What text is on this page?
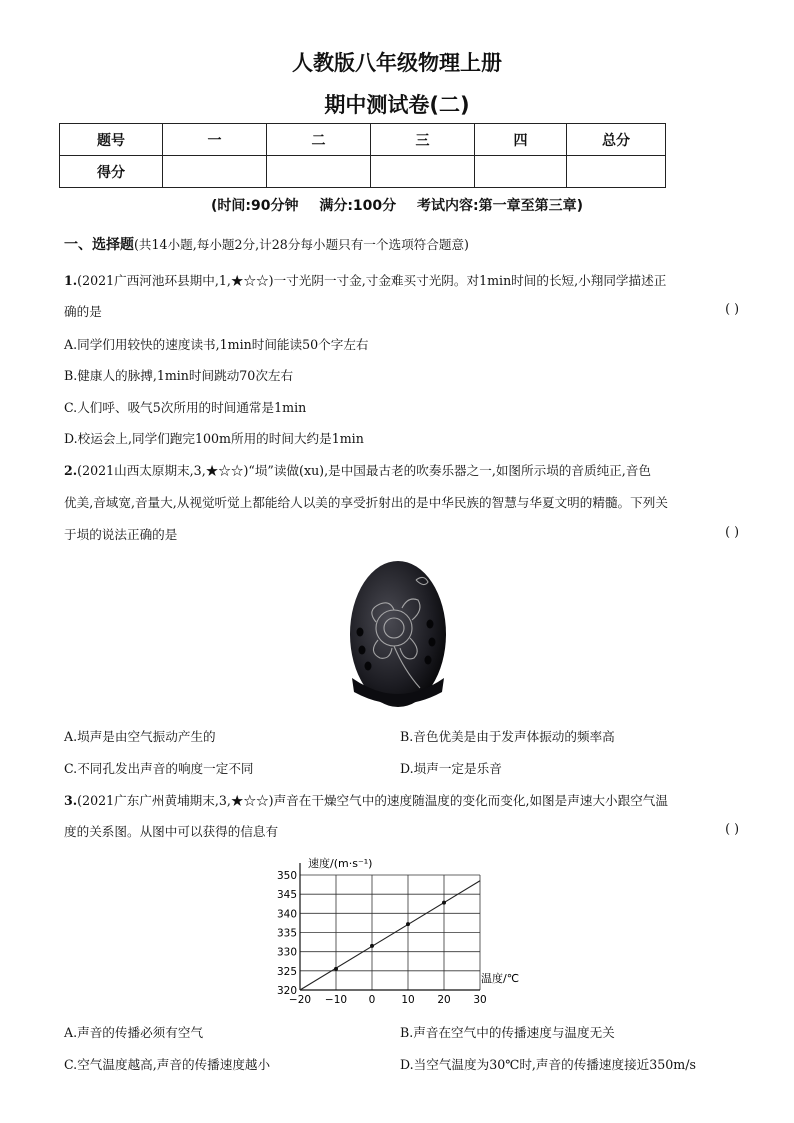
人教版八年级物理上册
期中测试卷(二)
题号	一	二	三	四	总分
得分					
(时间:90分钟 满分:100分 考试内容:第一章至第三章)
一、选择题(共14小题,每小题2分,计28分每小题只有一个选项符合题意)
1.(2021广西河池环县期中,1,★☆☆)一寸光阴一寸金,寸金难买寸光阴。对1min时间的长短,小翔同学描述正
确的是	( )
A.同学们用较快的速度读书,1min时间能读50个字左右
B.健康人的脉搏,1min时间跳动70次左右
C.人们呼、吸气5次所用的时间通常是1min
D.校运会上,同学们跑完100m所用的时间大约是1min
2.(2021山西太原期末,3,★☆☆)“埙”读做(xu),是中国最古老的吹奏乐器之一,如图所示埙的音质纯正,音色
优美,音域宽,音量大,从视觉听觉上都能给人以美的享受折射出的是中华民族的智慧与华夏文明的精髓。下列关
于埙的说法正确的是	( )
A.埙声是由空气振动产生的	B.音色优美是由于发声体振动的频率高
C.不同孔发出声音的响度一定不同	D.埙声一定是乐音
3.(2021广东广州黄埔期末,3,★☆☆)声音在干燥空气中的速度随温度的变化而变化,如图是声速大小跟空气温
度的关系图。从图中可以获得的信息有	( )
−20 −10 0 10 20 30
320
325
330
335
340
345
350
速度/(m·s⁻¹)
温度/℃
A.声音的传播必须有空气	B.声音在空气中的传播速度与温度无关
C.空气温度越高,声音的传播速度越小	D.当空气温度为30℃时,声音的传播速度接近350m/s
